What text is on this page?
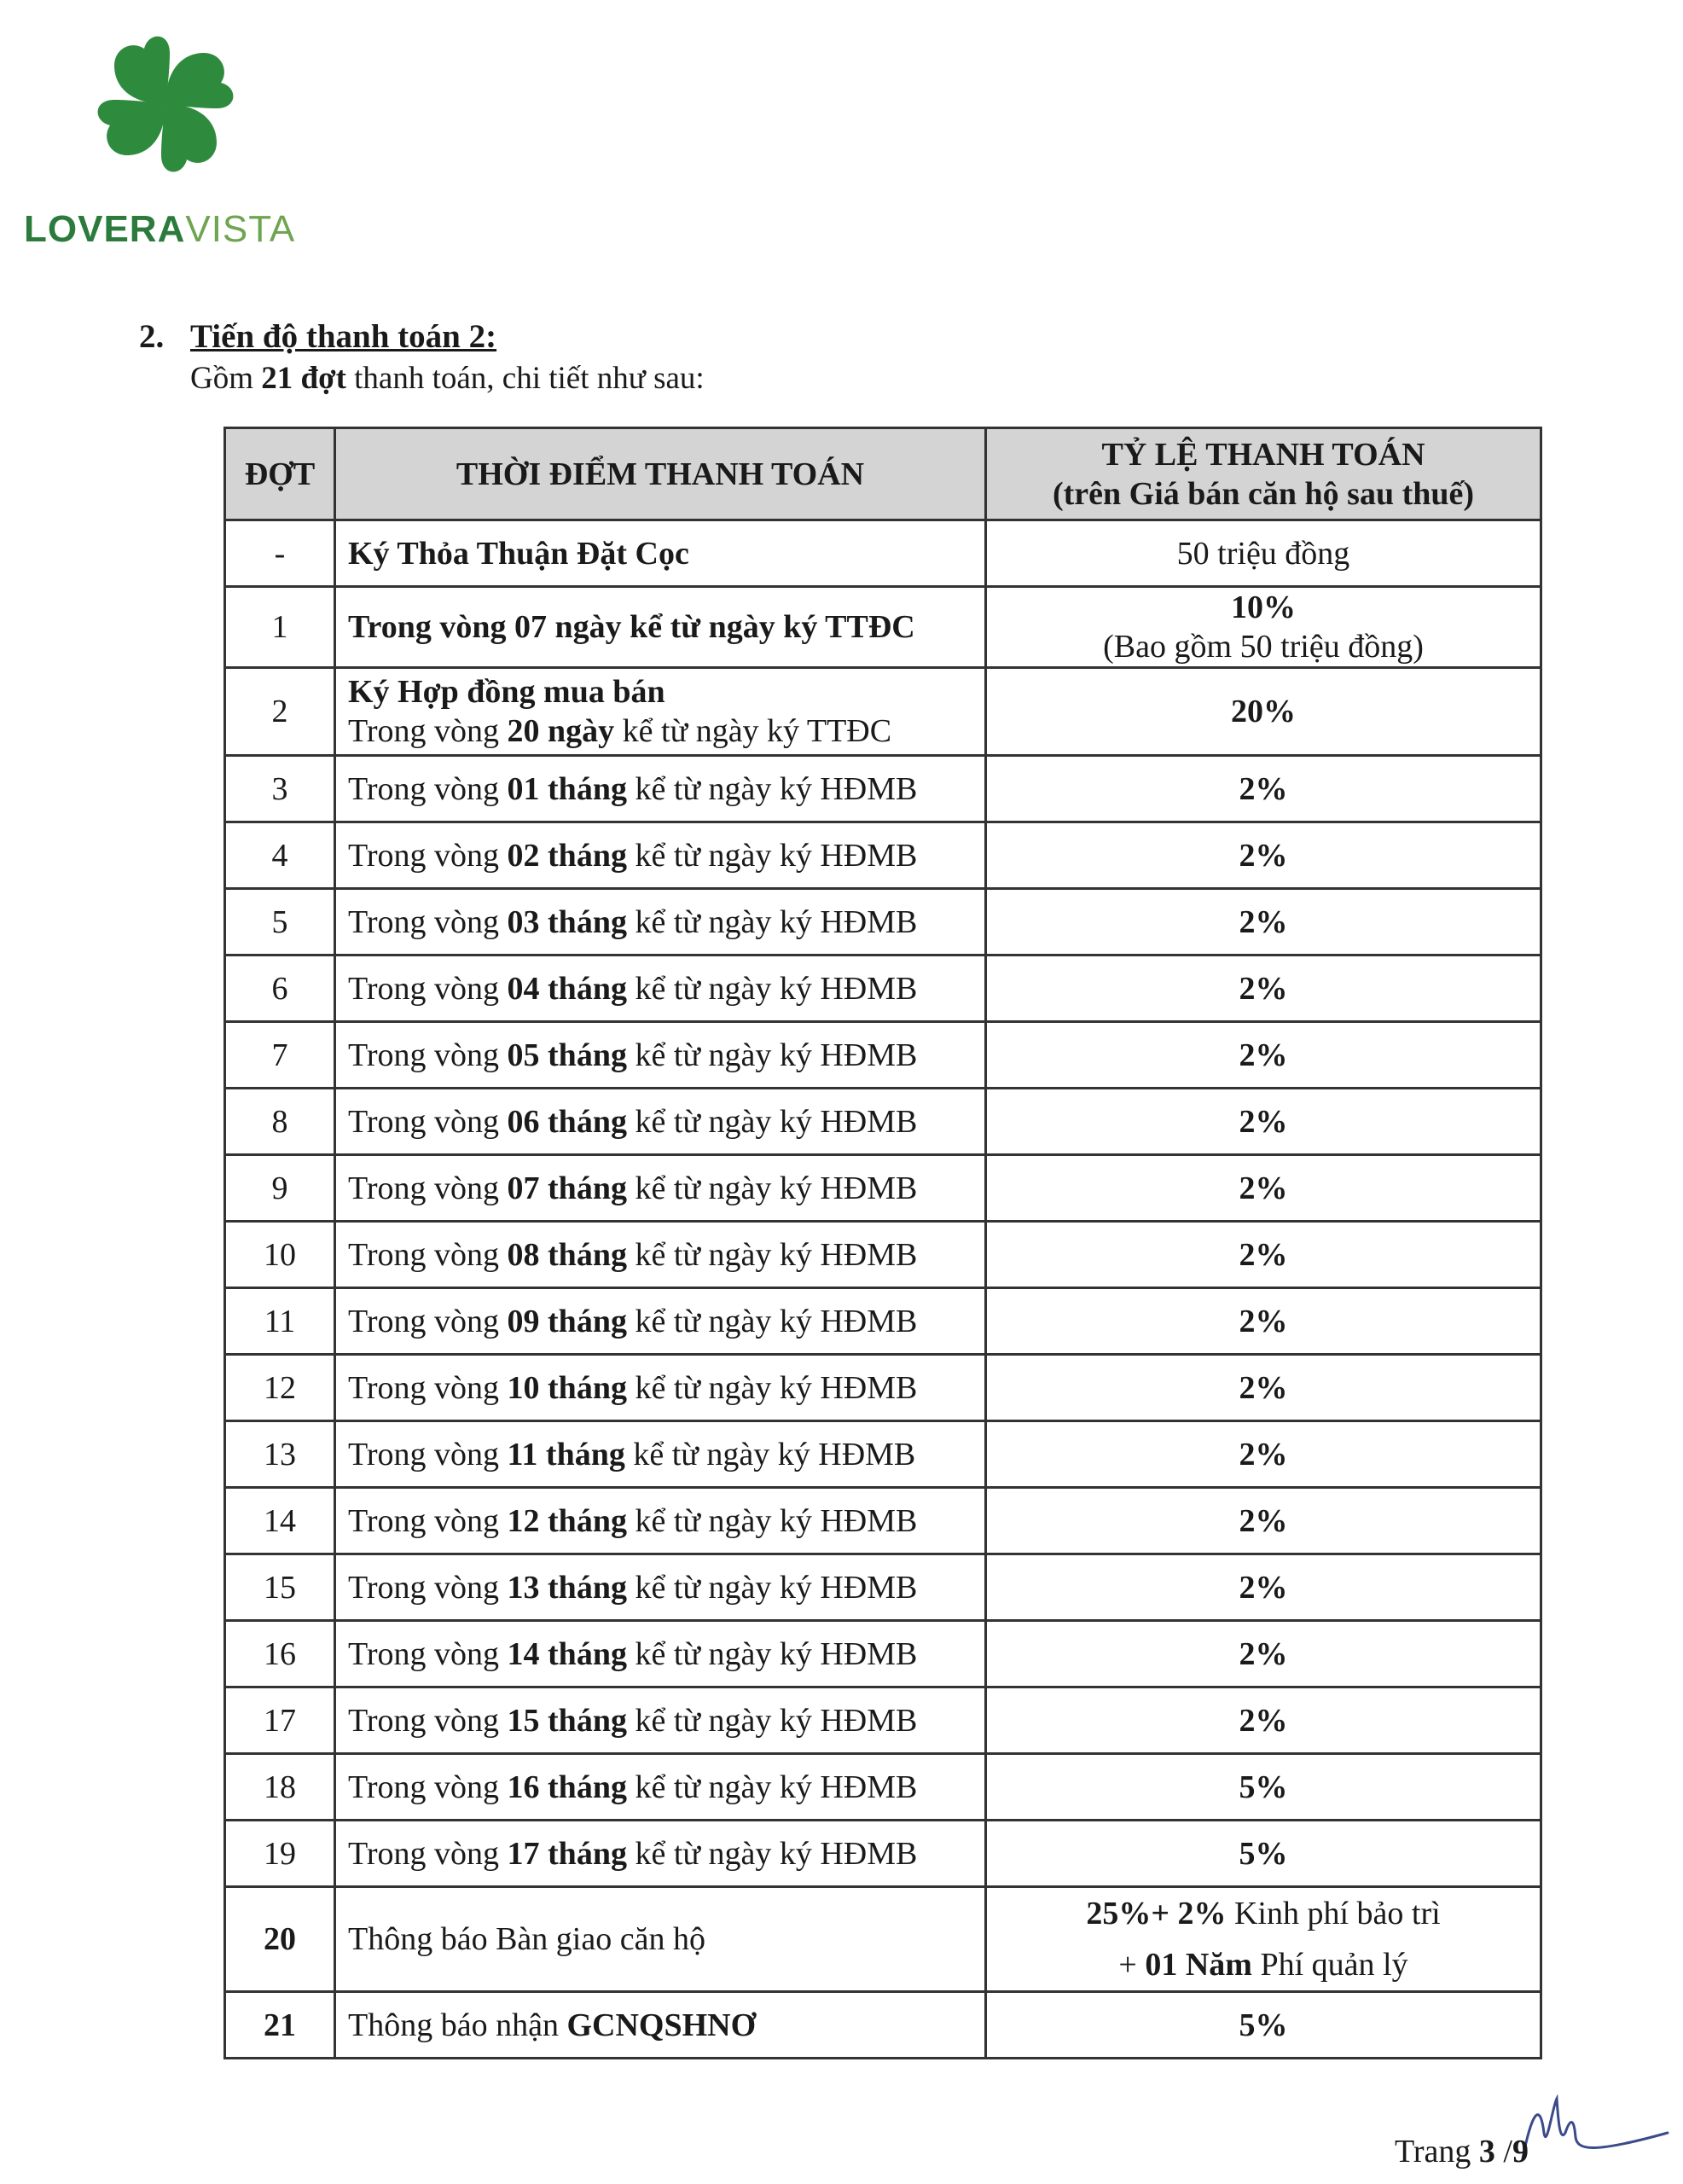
LOVERAVISTA
2. Tiến độ thanh toán 2:
Gồm 21 đợt thanh toán, chi tiết như sau:
ĐỢT	THỜI ĐIỂM THANH TOÁN	TỶ LỆ THANH TOÁN
(trên Giá bán căn hộ sau thuế)

-	Ký Thỏa Thuận Đặt Cọc	50 triệu đồng
1	Trong vòng 07 ngày kể từ ngày ký TTĐC	10%
(Bao gồm 50 triệu đồng)

2	Ký Hợp đồng mua bán
Trong vòng 20 ngày kể từ ngày ký TTĐC	20%
3	Trong vòng 01 tháng kể từ ngày ký HĐMB	2%
4	Trong vòng 02 tháng kể từ ngày ký HĐMB	2%
5	Trong vòng 03 tháng kể từ ngày ký HĐMB	2%
6	Trong vòng 04 tháng kể từ ngày ký HĐMB	2%
7	Trong vòng 05 tháng kể từ ngày ký HĐMB	2%
8	Trong vòng 06 tháng kể từ ngày ký HĐMB	2%
9	Trong vòng 07 tháng kể từ ngày ký HĐMB	2%
10	Trong vòng 08 tháng kể từ ngày ký HĐMB	2%
11	Trong vòng 09 tháng kể từ ngày ký HĐMB	2%
12	Trong vòng 10 tháng kể từ ngày ký HĐMB	2%
13	Trong vòng 11 tháng kể từ ngày ký HĐMB	2%
14	Trong vòng 12 tháng kể từ ngày ký HĐMB	2%
15	Trong vòng 13 tháng kể từ ngày ký HĐMB	2%
16	Trong vòng 14 tháng kể từ ngày ký HĐMB	2%
17	Trong vòng 15 tháng kể từ ngày ký HĐMB	2%
18	Trong vòng 16 tháng kể từ ngày ký HĐMB	5%
19	Trong vòng 17 tháng kể từ ngày ký HĐMB	5%
20	Thông báo Bàn giao căn hộ	25%+ 2% Kinh phí bảo trì
+ 01 Năm Phí quản lý

21	Thông báo nhận GCNQSHNƠ	5%
Trang 3 /9
